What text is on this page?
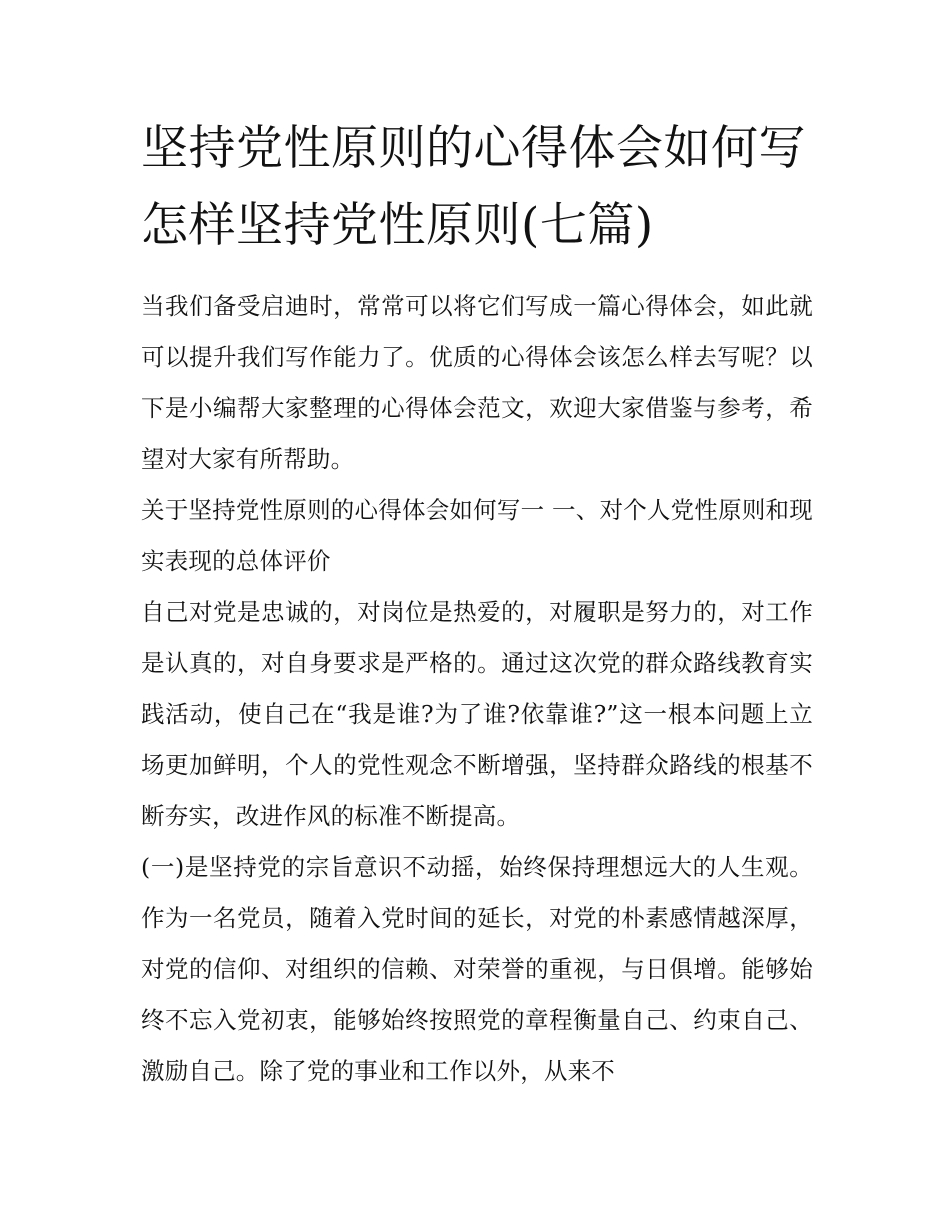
坚持党性原则的心得体会如何写 怎样坚持党性原则(七篇)

当我们备受启迪时，常常可以将它们写成一篇心得体会，如此就可以提升我们写作能力了。优质的心得体会该怎么样去写呢？以下是小编帮大家整理的心得体会范文，欢迎大家借鉴与参考，希望对大家有所帮助。

关于坚持党性原则的心得体会如何写一 一、对个人党性原则和现实表现的总体评价

自己对党是忠诚的，对岗位是热爱的，对履职是努力的，对工作是认真的，对自身要求是严格的。通过这次党的群众路线教育实践活动，使自己在“我是谁?为了谁?依靠谁?”这一根本问题上立场更加鲜明，个人的党性观念不断增强，坚持群众路线的根基不断夯实，改进作风的标准不断提高。

(一)是坚持党的宗旨意识不动摇，始终保持理想远大的人生观。作为一名党员，随着入党时间的延长，对党的朴素感情越深厚，对党的信仰、对组织的信赖、对荣誉的重视，与日俱增。能够始终不忘入党初衷，能够始终按照党的章程衡量自己、约束自己、激励自己。除了党的事业和工作以外，从来不
